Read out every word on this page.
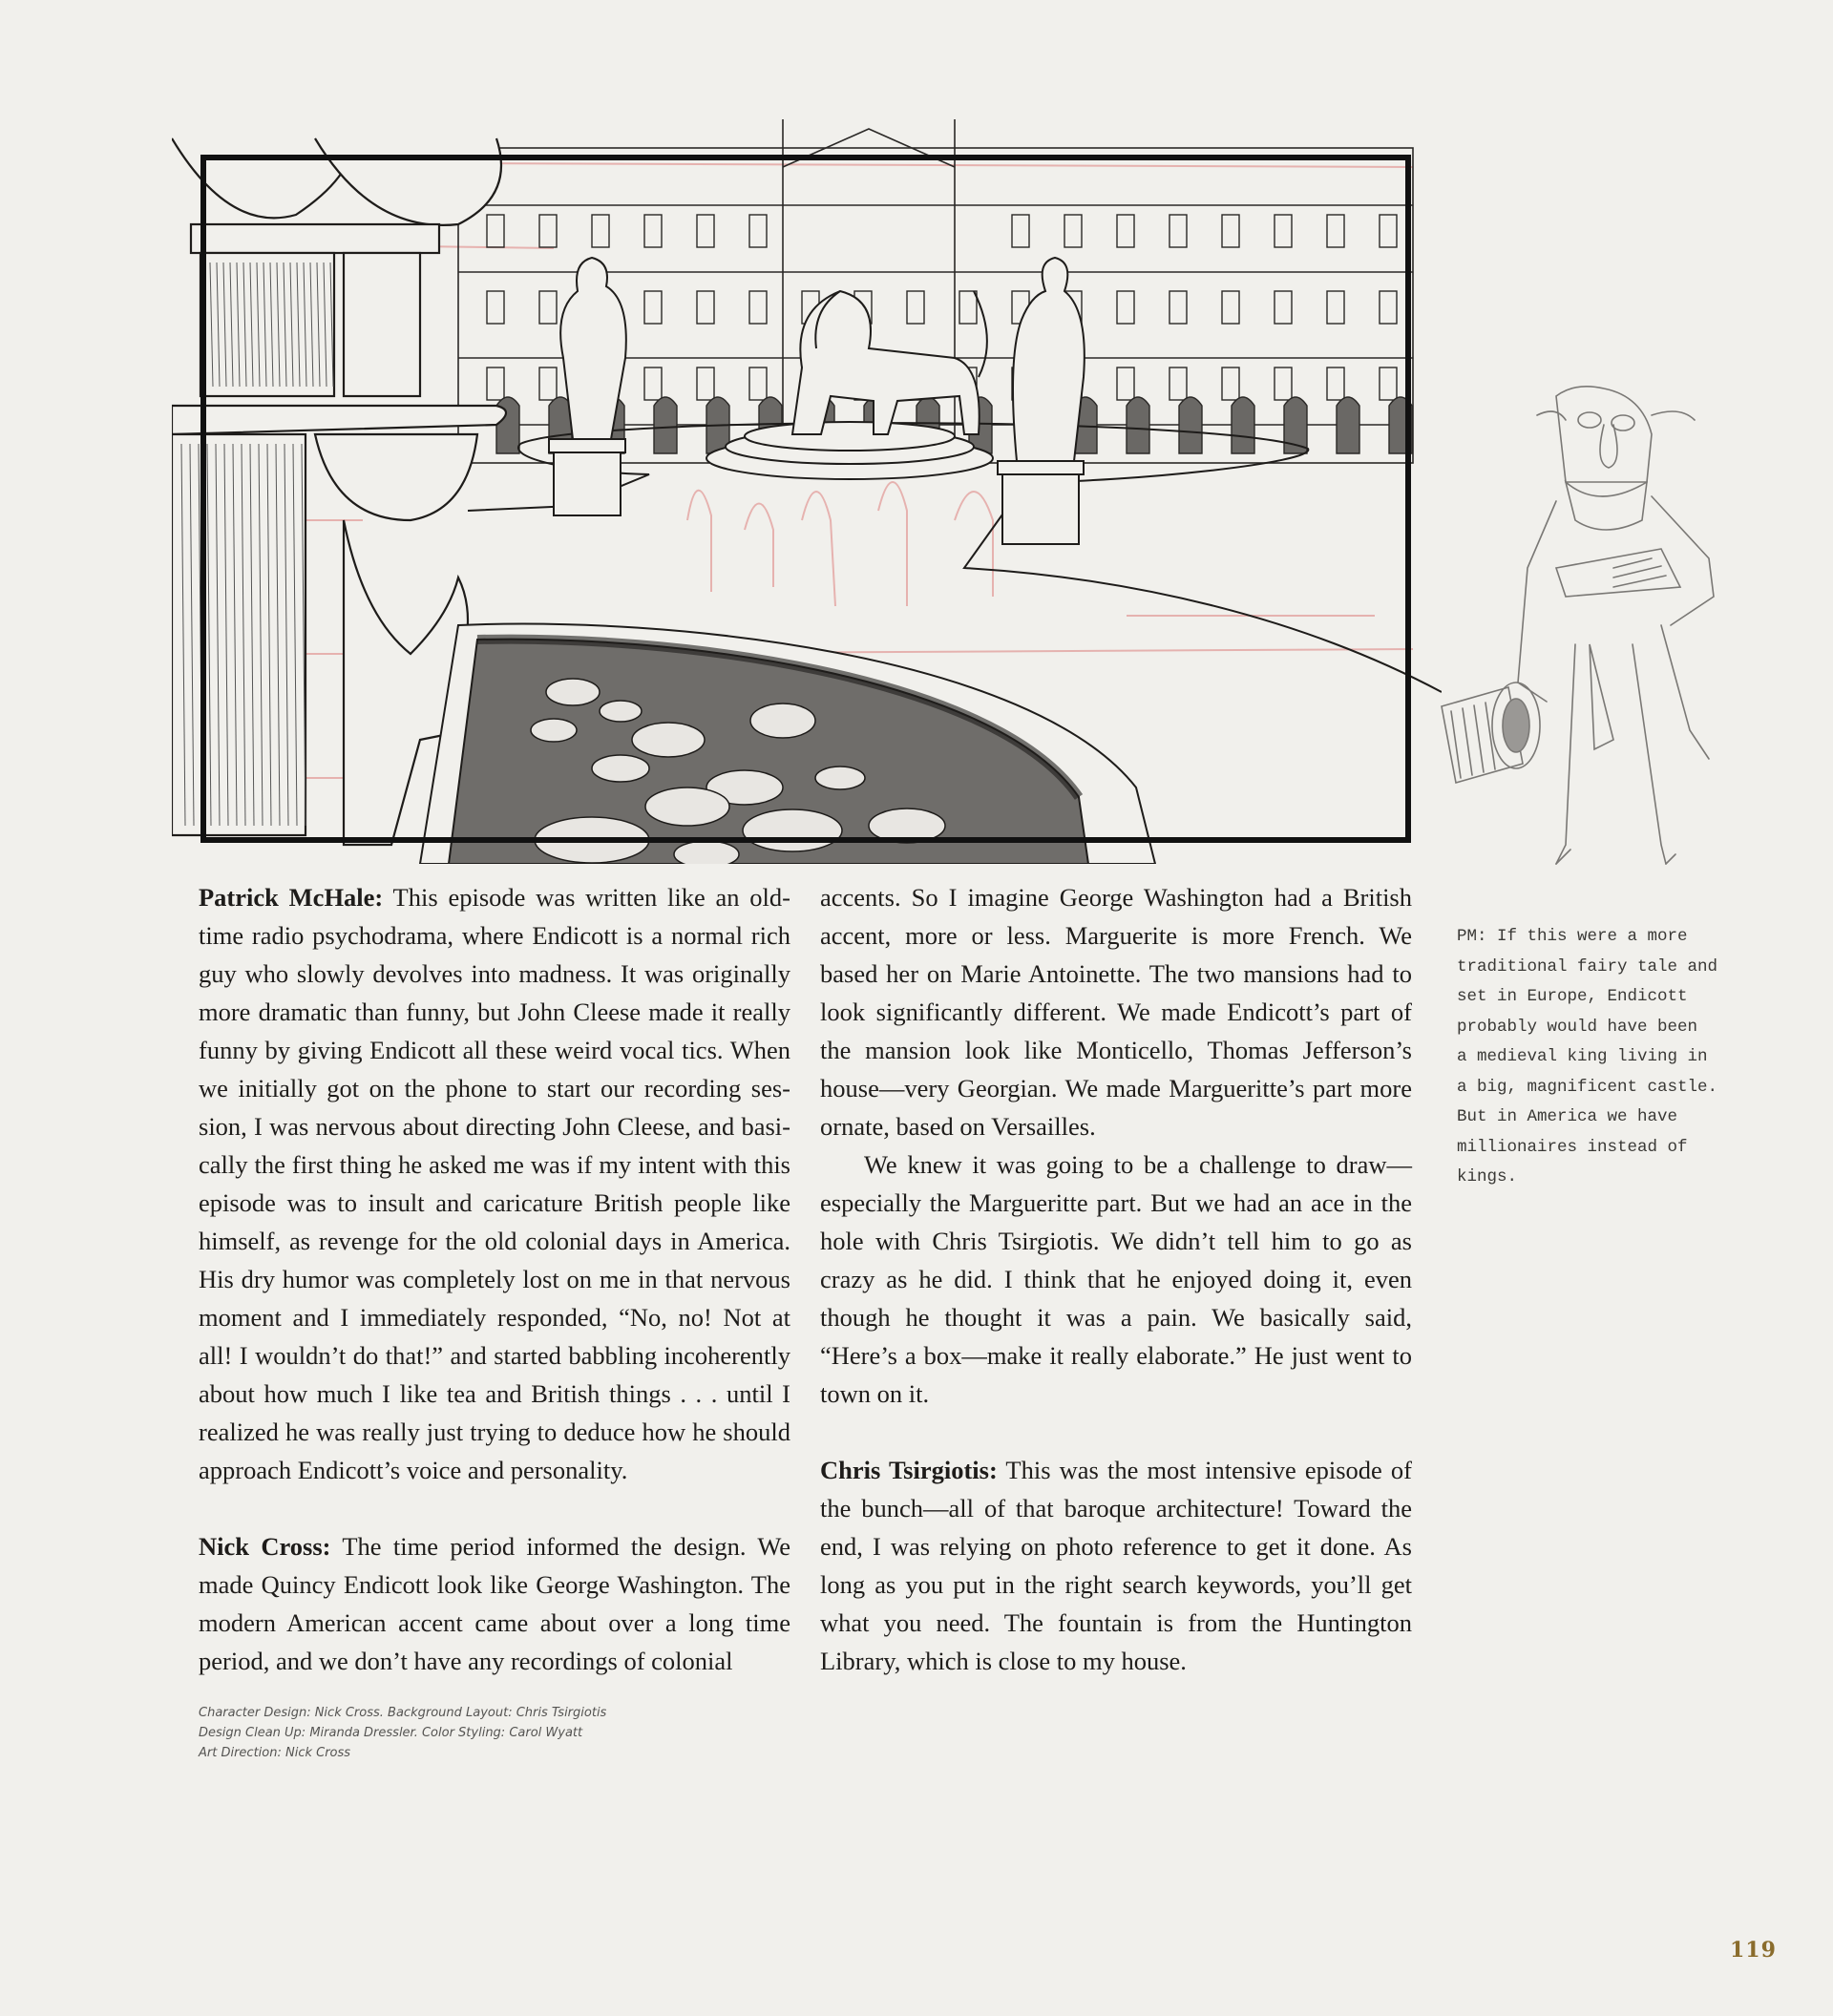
Patrick McHale: This episode was written like an old-time radio psychodrama, where Endicott is a normal rich guy who slowly devolves into madness. It was originally more dramatic than funny, but John Cleese made it really funny by giving Endicott all these weird vocal tics. When we initially got on the phone to start our recording session, I was nervous about directing John Cleese, and basically the first thing he asked me was if my intent with this episode was to insult and caricature British people like himself, as revenge for the old colonial days in America. His dry humor was completely lost on me in that nervous moment and I immediately responded, “No, no! Not at all! I wouldn’t do that!” and started babbling incoherently about how much I like tea and British things . . . until I realized he was really just trying to deduce how he should approach Endicott’s voice and personality.

Nick Cross: The time period informed the design. We made Quincy Endicott look like George Washington. The modern American accent came about over a long time period, and we don’t have any recordings of colonial

accents. So I imagine George Washington had a British accent, more or less. Marguerite is more French. We based her on Marie Antoinette. The two mansions had to look significantly different. We made Endicott’s part of the mansion look like Monticello, Thomas Jefferson’s house—very Georgian. We made Margueritte’s part more ornate, based on Versailles.

We knew it was going to be a challenge to draw—especially the Margueritte part. But we had an ace in the hole with Chris Tsirgiotis. We didn’t tell him to go as crazy as he did. I think that he enjoyed doing it, even though he thought it was a pain. We basically said, “Here’s a box—make it really elaborate.” He just went to town on it.

Chris Tsirgiotis: This was the most intensive episode of the bunch—all of that baroque architecture! Toward the end, I was relying on photo reference to get it done. As long as you put in the right search keywords, you’ll get what you need. The fountain is from the Huntington Library, which is close to my house.

Character Design: Nick Cross. Background Layout: Chris Tsirgiotis
Design Clean Up: Miranda Dressler. Color Styling: Carol Wyatt
Art Direction: Nick Cross
PM: If this were a more
traditional fairy tale and
set in Europe, Endicott
probably would have been
a medieval king living in
a big, magnificent castle.
But in America we have
millionaires instead of
kings.
119
